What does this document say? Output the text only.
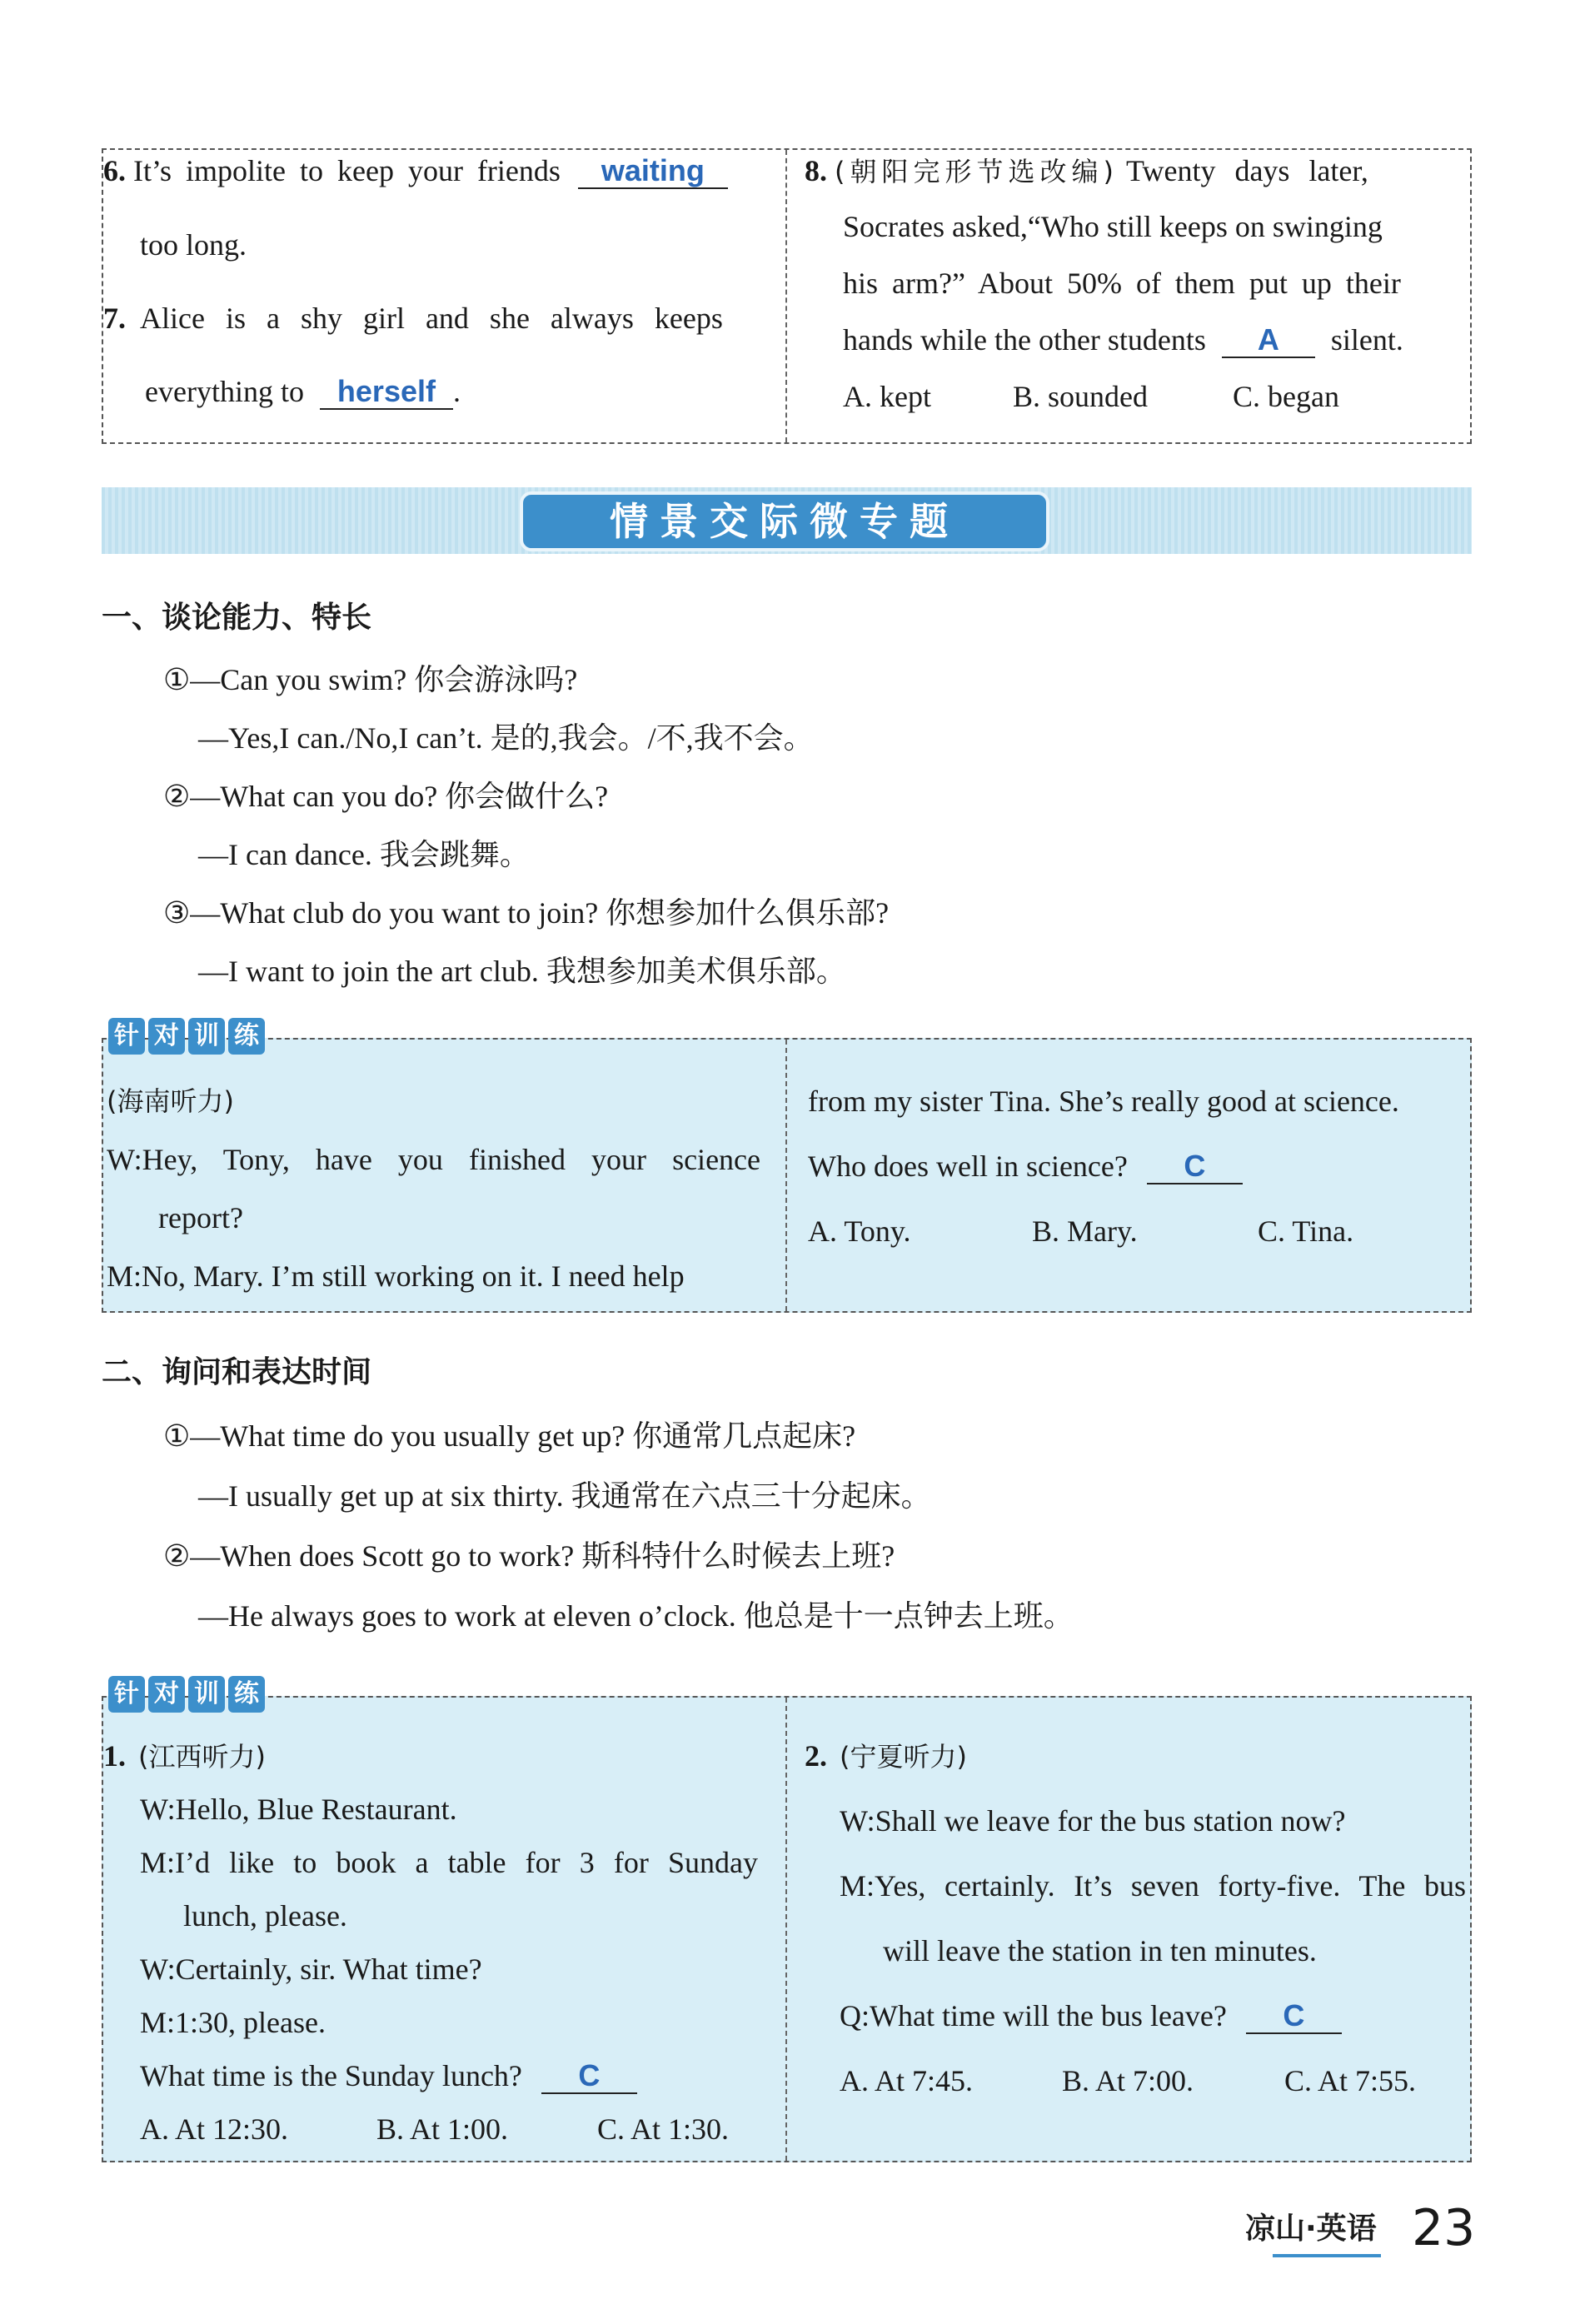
6. It’s impolite to keep your friends waiting
too long.
7. Alice is a shy girl and she always keeps
everything to herself .
8. (朝阳完形节选改编) Twenty days later,
Socrates asked,“Who still keeps on swinging
his arm?” About 50% of them put up their
hands while the other students A silent.
A. kept	B. sounded	C. began
情景交际微专题
一、谈论能力、特长
①—Can you swim? 你会游泳吗?
—Yes,I can./No,I can’t. 是的,我会。/不,我不会。
②—What can you do? 你会做什么?
—I can dance. 我会跳舞。
③—What club do you want to join? 你想参加什么俱乐部?
—I want to join the art club. 我想参加美术俱乐部。
针 对 训 练
(海南听力)
W:Hey, Tony, have you finished your science
report?
M:No, Mary. I’m still working on it. I need help
from my sister Tina. She’s really good at science.
Who does well in science? C
A. Tony.	B. Mary.	C. Tina.
二、询问和表达时间
①—What time do you usually get up? 你通常几点起床?
—I usually get up at six thirty. 我通常在六点三十分起床。
②—When does Scott go to work? 斯科特什么时候去上班?
—He always goes to work at eleven o’clock. 他总是十一点钟去上班。
针 对 训 练
1. (江西听力)
W:Hello, Blue Restaurant.
M:I’d like to book a table for 3 for Sunday
lunch, please.
W:Certainly, sir. What time?
M:1:30, please.
What time is the Sunday lunch? C
A. At 12:30.	B. At 1:00.	C. At 1:30.
2. (宁夏听力)
W:Shall we leave for the bus station now?
M:Yes, certainly. It’s seven forty-five. The bus
will leave the station in ten minutes.
Q:What time will the bus leave? C
A. At 7:45.	B. At 7:00.	C. At 7:55.
凉山·英语 23
